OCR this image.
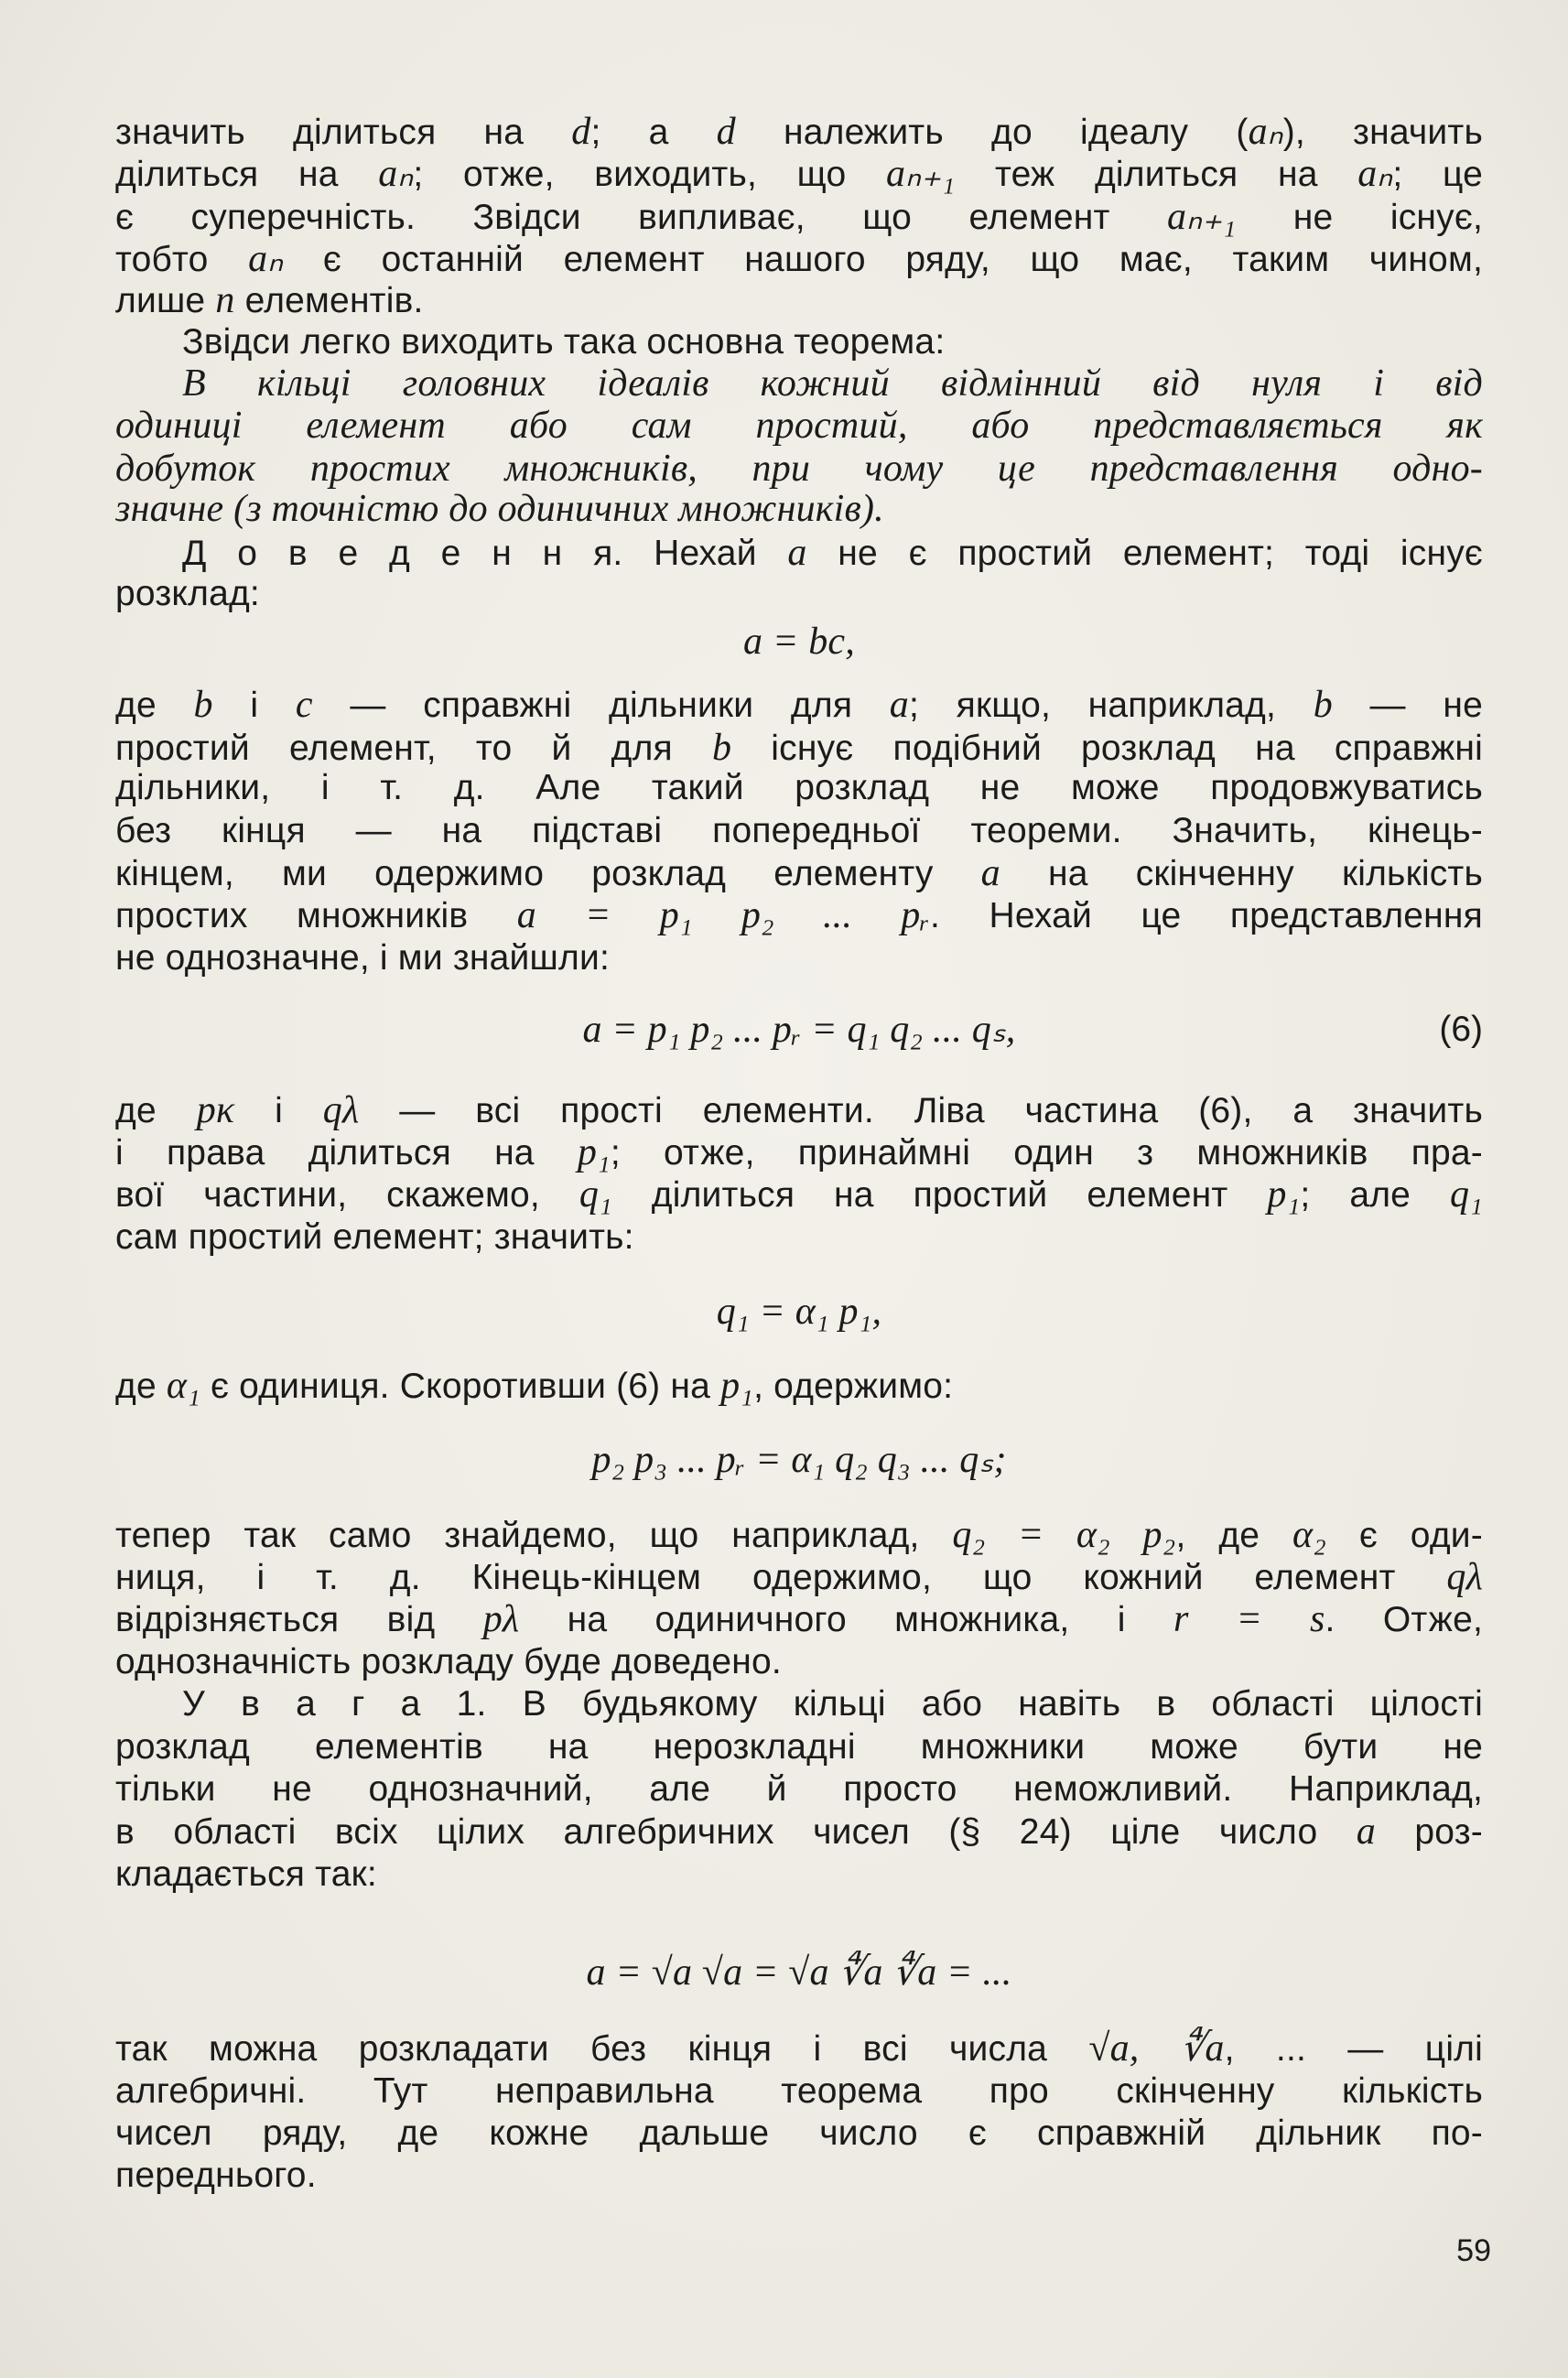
значить ділиться на d; а d належить до ідеалу (aₙ), значить
ділиться на aₙ; отже, виходить, що aₙ₊₁ теж ділиться на aₙ; це
є суперечність. Звідси випливає, що елемент aₙ₊₁ не існує,
тобто aₙ є останній елемент нашого ряду, що має, таким чином,
лише n елементів.
Звідси легко виходить така основна теорема:
В кільці головних ідеалів кожний відмінний від нуля і від
одиниці елемент або сам простий, або представляється як
добуток простих множників, при чому це представлення одно-
значне (з точністю до одиничних множників).
Д о в е д е н н я. Нехай a не є простий елемент; тоді існує
розклад:
a = bc,
де b і c — справжні дільники для a; якщо, наприклад, b — не
простий елемент, то й для b існує подібний розклад на справжні
дільники, і т. д. Але такий розклад не може продовжуватись
без кінця — на підставі попередньої теореми. Значить, кінець-
кінцем, ми одержимо розклад елементу a на скінченну кількість
простих множників a = p₁ p₂ ... pᵣ. Нехай це представлення
не однозначне, і ми знайшли:
a = p₁ p₂ ... pᵣ = q₁ q₂ ... qₛ,
де pκ і qλ — всі прості елементи. Ліва частина (6), а значить
і права ділиться на p₁; отже, принаймні один з множників пра-
вої частини, скажемо, q₁ ділиться на простий елемент p₁; але q₁
сам простий елемент; значить:
q₁ = α₁ p₁,
де α₁ є одиниця. Скоротивши (6) на p₁, одержимо:
p₂ p₃ ... pᵣ = α₁ q₂ q₃ ... qₛ;
тепер так само знайдемо, що наприклад, q₂ = α₂ p₂, де α₂ є оди-
ниця, і т. д. Кінець-кінцем одержимо, що кожний елемент qλ
відрізняється від pλ на одиничного множника, і r = s. Отже,
однозначність розкладу буде доведено.
У в а г а 1. В будьякому кільці або навіть в області цілості
розклад елементів на нерозкладні множники може бути не
тільки не однозначний, але й просто неможливий. Наприклад,
в області всіх цілих алгебричних чисел (§ 24) ціле число a роз-
кладається так:
a = √a √a = √a ∜a ∜a = ...
так можна розкладати без кінця і всі числа √a, ∜a, ... — цілі
алгебричні. Тут неправильна теорема про скінченну кількість
чисел ряду, де кожне дальше число є справжній дільник по-
переднього.
(6)
59
